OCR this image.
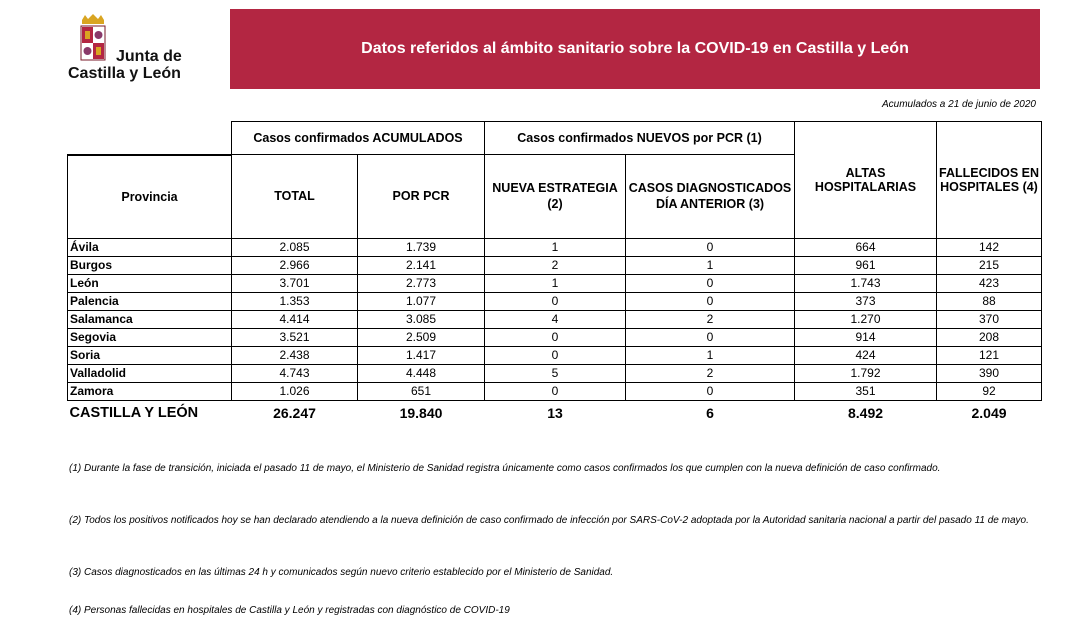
Junta de
Castilla y León
Datos referidos al ámbito sanitario sobre la COVID-19 en Castilla y León
Acumulados a 21 de junio de 2020
	Casos confirmados ACUMULADOS		Casos confirmados NUEVOS por PCR (1)		ALTAS HOSPITALARIAS	FALLECIDOS EN HOSPITALES (4)
Provincia	TOTAL	POR PCR	NUEVA ESTRATEGIA (2)	CASOS DIAGNOSTICADOS DÍA ANTERIOR (3)		
Ávila	2.085	1.739	1	0	664	142
Burgos	2.966	2.141	2	1	961	215
León	3.701	2.773	1	0	1.743	423
Palencia	1.353	1.077	0	0	373	88
Salamanca	4.414	3.085	4	2	1.270	370
Segovia	3.521	2.509	0	0	914	208
Soria	2.438	1.417	0	1	424	121
Valladolid	4.743	4.448	5	2	1.792	390
Zamora	1.026	651	0	0	351	92
CASTILLA Y LEÓN	26.247	19.840	13	6	8.492	2.049

(1) Durante la fase de transición, iniciada el pasado 11 de mayo, el Ministerio de Sanidad registra únicamente como casos confirmados los que cumplen con la nueva definición de caso confirmado.

(2) Todos los positivos notificados hoy se han declarado atendiendo a la nueva definición de caso confirmado de infección por SARS-CoV-2 adoptada por la Autoridad sanitaria nacional a partir del pasado 11 de mayo.

(3) Casos diagnosticados en las últimas 24 h y comunicados según nuevo criterio establecido por el Ministerio de Sanidad.

(4) Personas fallecidas en hospitales de Castilla y León y registradas con diagnóstico de COVID-19
